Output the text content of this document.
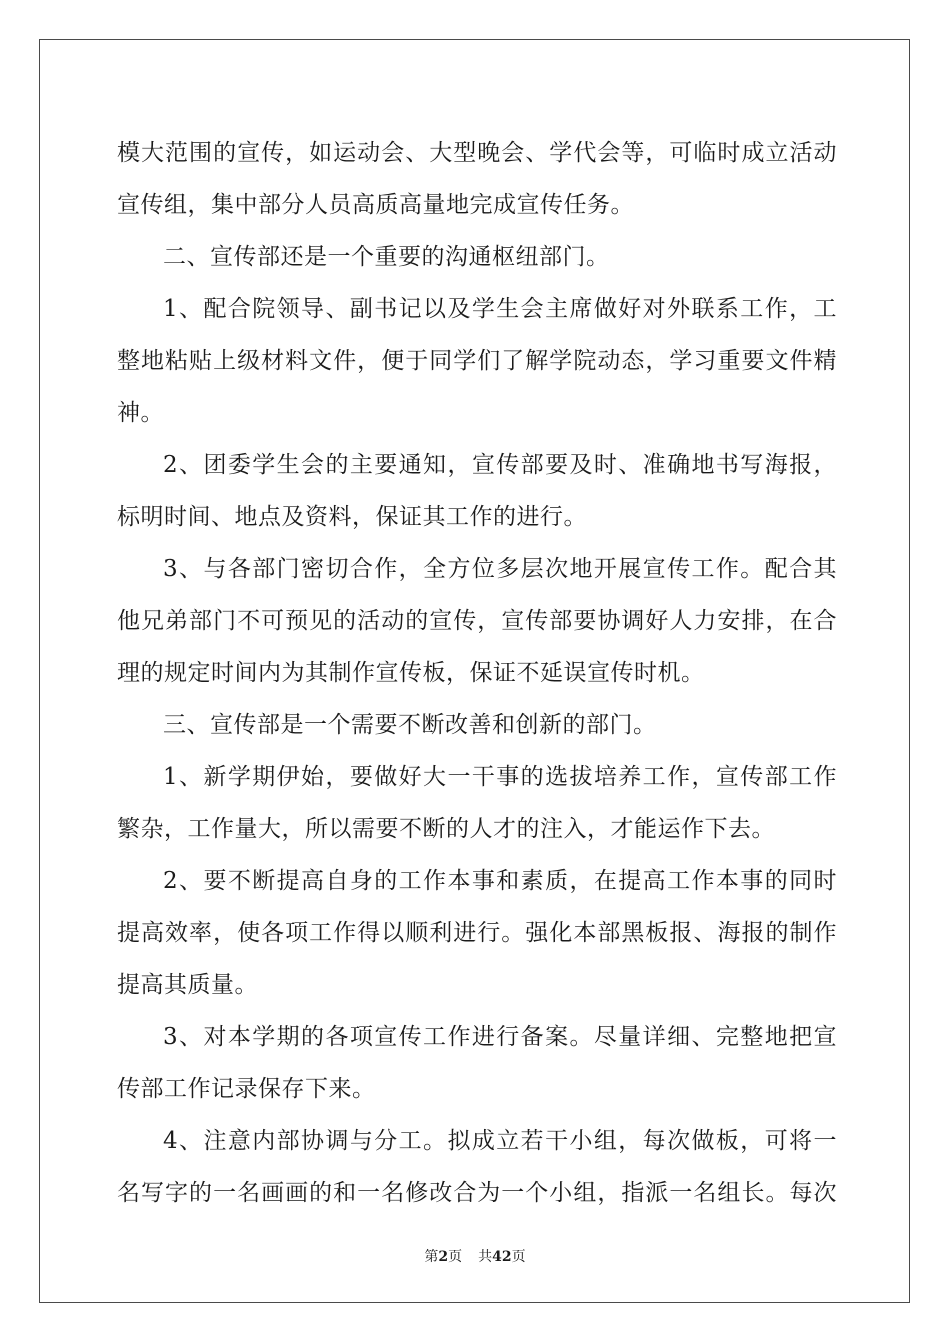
模大范围的宣传，如运动会、大型晚会、学代会等，可临时成立活动
宣传组，集中部分人员高质高量地完成宣传任务。
二、宣传部还是一个重要的沟通枢纽部门。
1、配合院领导、副书记以及学生会主席做好对外联系工作，工
整地粘贴上级材料文件，便于同学们了解学院动态，学习重要文件精
神。
2、团委学生会的主要通知，宣传部要及时、准确地书写海报，
标明时间、地点及资料，保证其工作的进行。
3、与各部门密切合作，全方位多层次地开展宣传工作。配合其
他兄弟部门不可预见的活动的宣传，宣传部要协调好人力安排，在合
理的规定时间内为其制作宣传板，保证不延误宣传时机。
三、宣传部是一个需要不断改善和创新的部门。
1、新学期伊始，要做好大一干事的选拔培养工作，宣传部工作
繁杂，工作量大，所以需要不断的人才的注入，才能运作下去。
2、要不断提高自身的工作本事和素质，在提高工作本事的同时
提高效率，使各项工作得以顺利进行。强化本部黑板报、海报的制作
提高其质量。
3、对本学期的各项宣传工作进行备案。尽量详细、完整地把宣
传部工作记录保存下来。
4、注意内部协调与分工。拟成立若干小组，每次做板，可将一
名写字的一名画画的和一名修改合为一个小组，指派一名组长。每次
第2页 共42页
